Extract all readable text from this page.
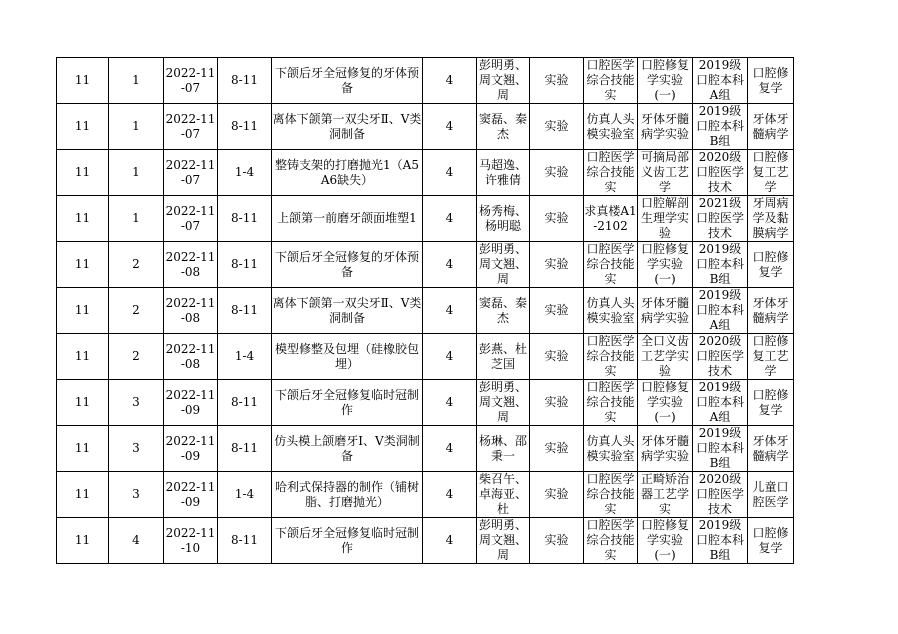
11	1	2022-11-07	8-11	下颌后牙全冠修复的牙体预备	4	彭明勇、周文翘、周	实验	口腔医学综合技能实	口腔修复学实验(一)	2019级口腔本科A组	口腔修复学

11	1	2022-11-07	8-11	离体下颌第一双尖牙Ⅱ、Ⅴ类洞制备	4	窦磊、秦杰	实验	仿真人头模实验室	牙体牙髓病学实验	2019级口腔本科B组	牙体牙髓病学

11	1	2022-11-07	1-4	整铸支架的打磨抛光1（A5 A6缺失）	4	马超逸、许雅倩	实验	口腔医学综合技能实	可摘局部义齿工艺学	2020级口腔医学技术	口腔修复工艺学

11	1	2022-11-07	8-11	上颌第一前磨牙颌面堆塑1	4	杨秀梅、杨明聪	实验	求真楼A1-2102	口腔解剖生理学实验	2021级口腔医学技术	牙周病学及黏膜病学

11	2	2022-11-08	8-11	下颌后牙全冠修复的牙体预备	4	彭明勇、周文翘、周	实验	口腔医学综合技能实	口腔修复学实验(一)	2019级口腔本科B组	口腔修复学

11	2	2022-11-08	8-11	离体下颌第一双尖牙Ⅱ、Ⅴ类洞制备	4	窦磊、秦杰	实验	仿真人头模实验室	牙体牙髓病学实验	2019级口腔本科A组	牙体牙髓病学

11	2	2022-11-08	1-4	模型修整及包埋（硅橡胶包埋）	4	彭燕、杜芝国	实验	口腔医学综合技能实	全口义齿工艺学实验	2020级口腔医学技术	口腔修复工艺学

11	3	2022-11-09	8-11	下颌后牙全冠修复临时冠制作	4	彭明勇、周文翘、周	实验	口腔医学综合技能实	口腔修复学实验(一)	2019级口腔本科A组	口腔修复学

11	3	2022-11-09	8-11	仿头模上颌磨牙Ⅰ、Ⅴ类洞制备	4	杨琳、邵秉一	实验	仿真人头模实验室	牙体牙髓病学实验	2019级口腔本科B组	牙体牙髓病学

11	3	2022-11-09	1-4	哈利式保持器的制作（铺树脂、打磨抛光）	4	柴召午、卓海亚、杜	实验	口腔医学综合技能实	正畸矫治器工艺学实	2020级口腔医学技术	儿童口腔医学

11	4	2022-11-10	8-11	下颌后牙全冠修复临时冠制作	4	彭明勇、周文翘、周	实验	口腔医学综合技能实	口腔修复学实验(一)	2019级口腔本科B组	口腔修复学
